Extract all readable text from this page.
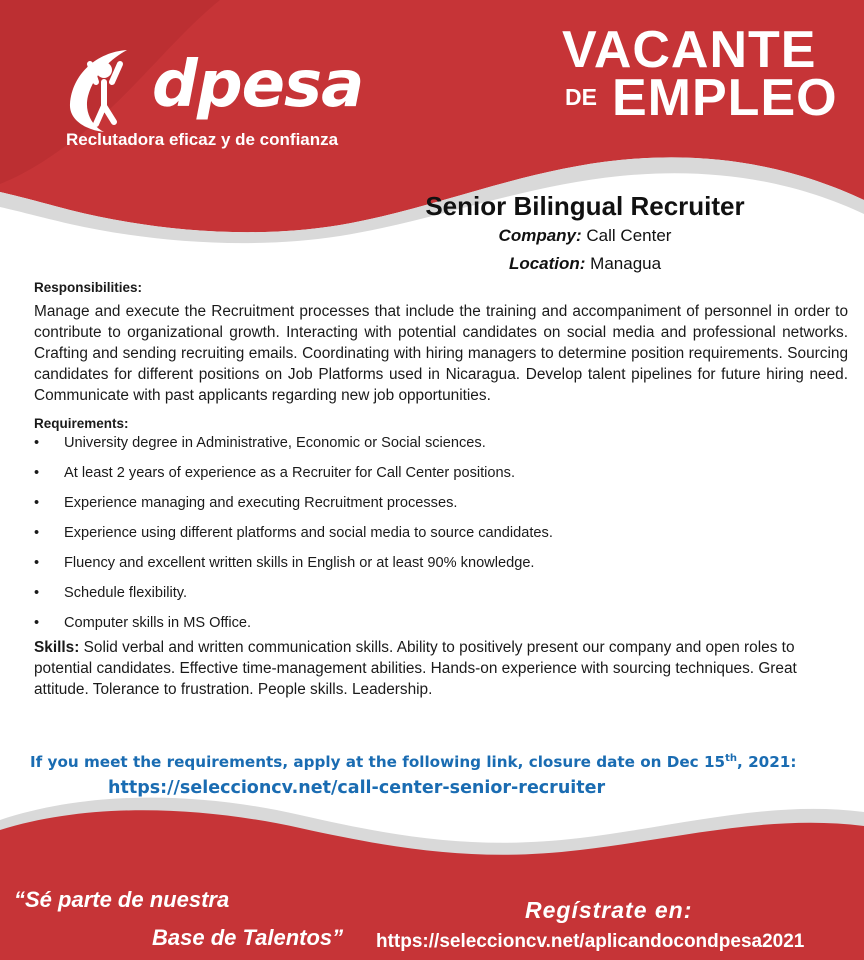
dpesa
Reclutadora eficaz y de confianza
VACANTE
DE EMPLEO
Senior Bilingual Recruiter
Company: Call Center
Location: Managua
Responsibilities:
Manage and execute the Recruitment processes that include the training and accompaniment of personnel in order to contribute to organizational growth. Interacting with potential candidates on social media and professional networks. Crafting and sending recruiting emails. Coordinating with hiring managers to determine position requirements. Sourcing candidates for different positions on Job Platforms used in Nicaragua. Develop talent pipelines for future hiring need. Communicate with past applicants regarding new job opportunities.
Requirements:
• University degree in Administrative, Economic or Social sciences.
• At least 2 years of experience as a Recruiter for Call Center positions.
• Experience managing and executing Recruitment processes.
• Experience using different platforms and social media to source candidates.
• Fluency and excellent written skills in English or at least 90% knowledge.
• Schedule flexibility.
• Computer skills in MS Office.
Skills: Solid verbal and written communication skills. Ability to positively present our company and open roles to potential candidates. Effective time-management abilities. Hands-on experience with sourcing techniques. Great attitude. Tolerance to frustration. People skills. Leadership.
If you meet the requirements, apply at the following link, closure date on Dec 15th, 2021:
https://seleccioncv.net/call-center-senior-recruiter
“Sé parte de nuestra
Base de Talentos”
Regístrate en:
https://seleccioncv.net/aplicandocondpesa2021
